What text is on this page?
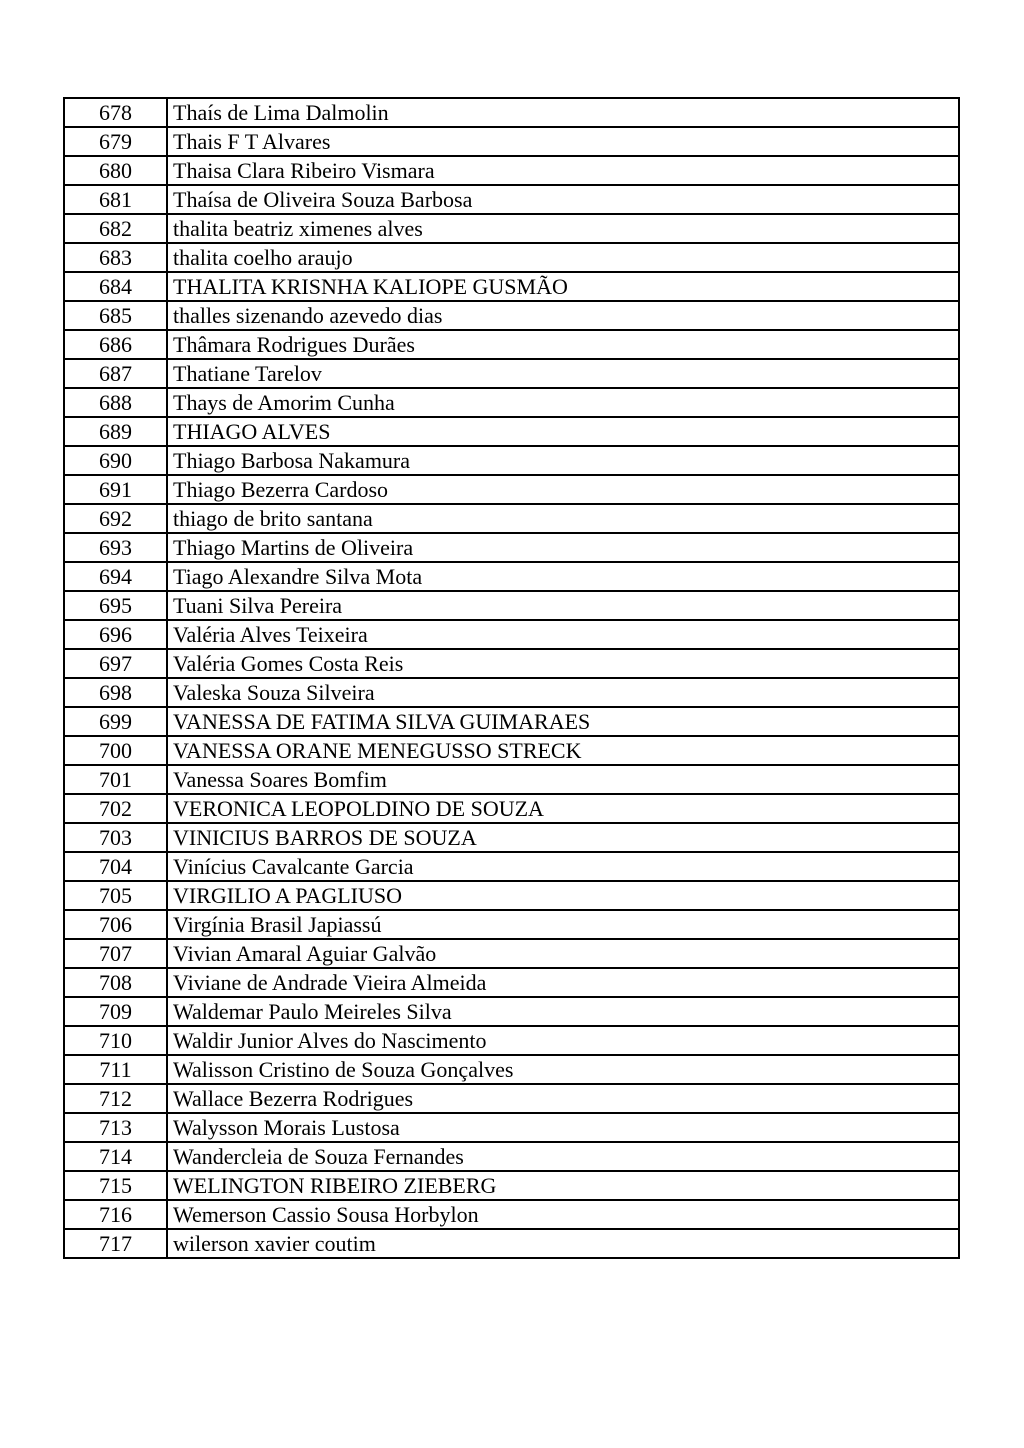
678	Thaís de Lima Dalmolin
679	Thais F T Alvares
680	Thaisa Clara Ribeiro Vismara
681	Thaísa de Oliveira Souza Barbosa
682	thalita beatriz ximenes alves
683	thalita coelho araujo
684	THALITA KRISNHA KALIOPE GUSMÃO
685	thalles sizenando azevedo dias
686	Thâmara Rodrigues Durães
687	Thatiane Tarelov
688	Thays de Amorim Cunha
689	THIAGO ALVES
690	Thiago Barbosa Nakamura
691	Thiago Bezerra Cardoso
692	thiago de brito santana
693	Thiago Martins de Oliveira
694	Tiago Alexandre Silva Mota
695	Tuani Silva Pereira
696	Valéria Alves Teixeira
697	Valéria Gomes Costa Reis
698	Valeska Souza Silveira
699	VANESSA DE FATIMA SILVA GUIMARAES
700	VANESSA ORANE MENEGUSSO STRECK
701	Vanessa Soares Bomfim
702	VERONICA LEOPOLDINO DE SOUZA
703	VINICIUS BARROS DE SOUZA
704	Vinícius Cavalcante Garcia
705	VIRGILIO A PAGLIUSO
706	Virgínia Brasil Japiassú
707	Vivian Amaral Aguiar Galvão
708	Viviane de Andrade Vieira Almeida
709	Waldemar Paulo Meireles Silva
710	Waldir Junior Alves do Nascimento
711	Walisson Cristino de Souza Gonçalves
712	Wallace Bezerra Rodrigues
713	Walysson Morais Lustosa
714	Wandercleia de Souza Fernandes
715	WELINGTON RIBEIRO ZIEBERG
716	Wemerson Cassio Sousa Horbylon
717	wilerson xavier coutim
